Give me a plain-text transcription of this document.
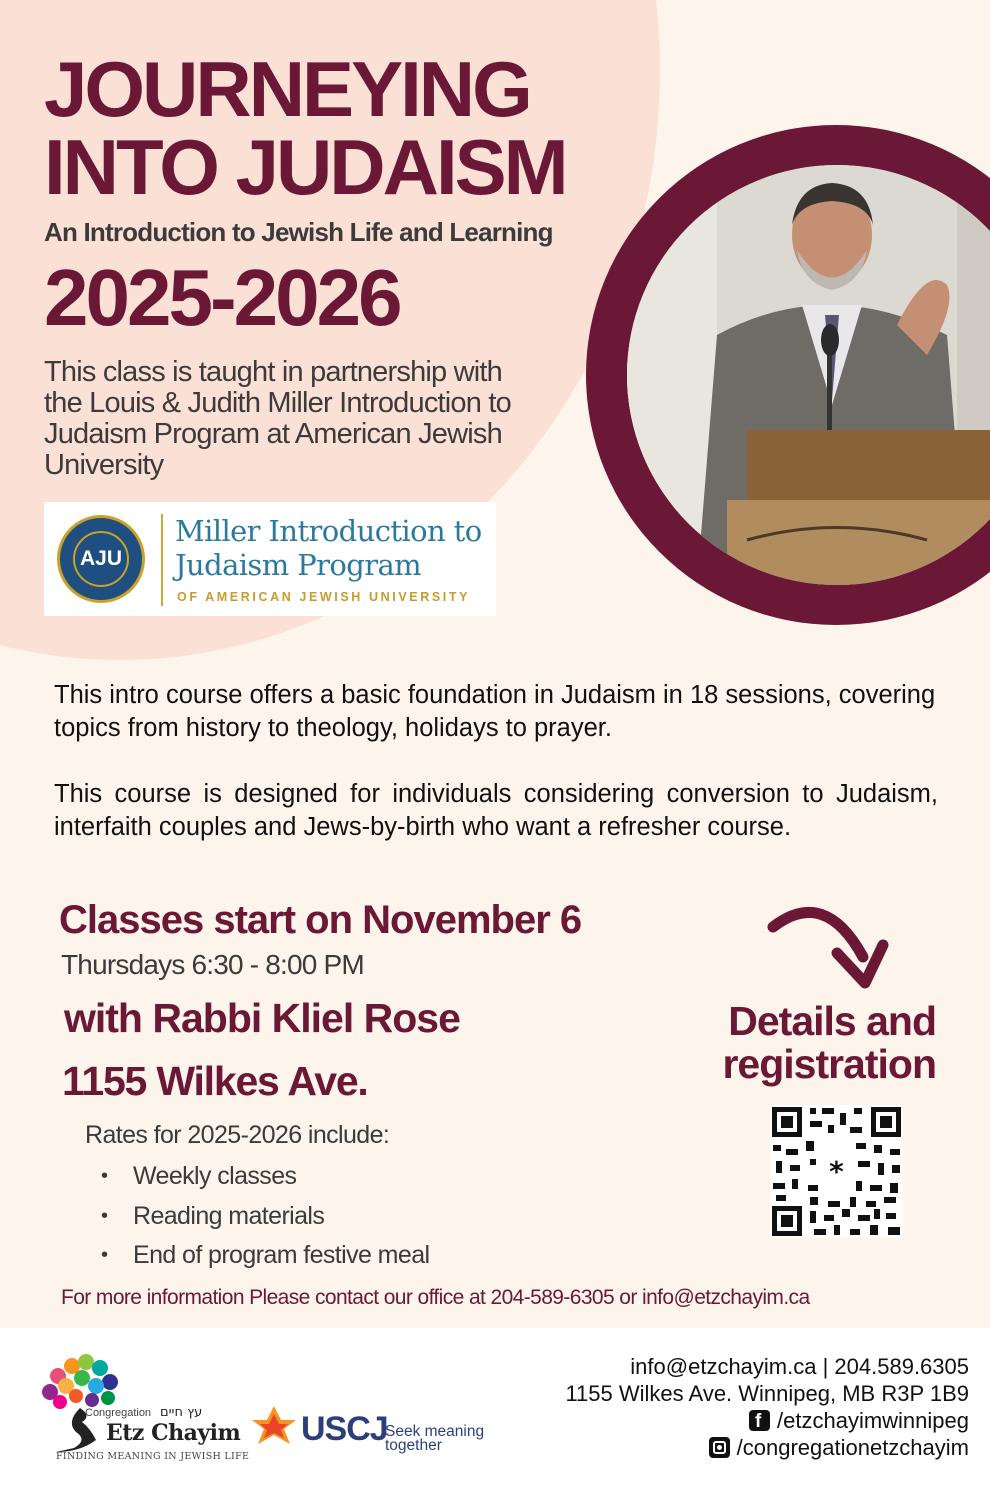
JOURNEYING
INTO JUDAISM
An Introduction to Jewish Life and Learning
2025-2026
This class is taught in partnership with the Louis & Judith Miller Introduction to Judaism Program at American Jewish University
AJU
Miller Introduction to
Judaism Program
OF AMERICAN JEWISH UNIVERSITY

This intro course offers a basic foundation in Judaism in 18 sessions, covering topics from history to theology, holidays to prayer.

This course is designed for individuals considering conversion to Judaism, interfaith couples and Jews-by-birth who want a refresher course.

Classes start on November 6
Thursdays 6:30 - 8:00 PM
with Rabbi Kliel Rose
1155 Wilkes Ave.
Rates for 2025-2026 include:
• Weekly classes
• Reading materials
• End of program festive meal
For more information Please contact our office at 204-589-6305 or info@etzchayim.ca
Details and
registration
*
Congregation עץ חיים
Etz Chayim
FINDING MEANING IN JEWISH LIFE
USCJ
Seek meaning
together
info@etzchayim.ca | 204.589.6305
1155 Wilkes Ave. Winnipeg, MB R3P 1B9
f /etzchayimwinnipeg
/congregationetzchayim
